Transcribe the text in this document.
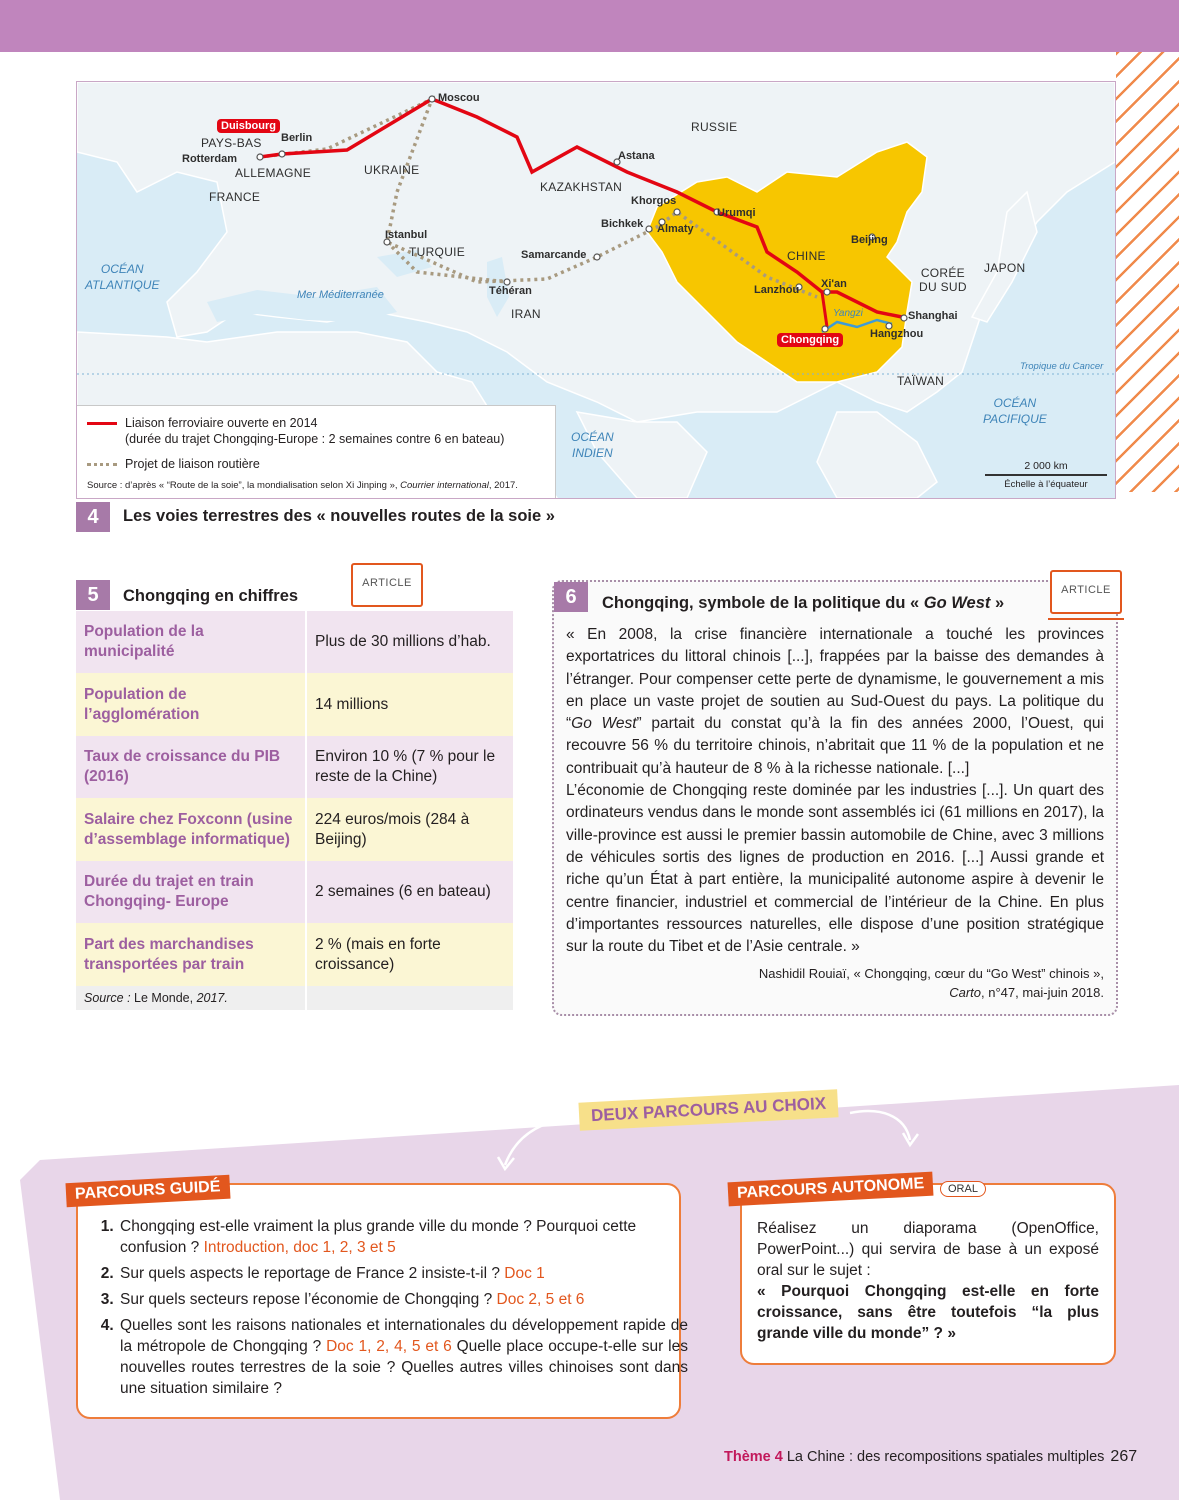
Moscou
RUSSIE
Duisbourg
PAYS-BAS Berlin
Rotterdam
ALLEMAGNE	UKRAINE
FRANCE
Astana
KAZAKHSTAN
Khorgos
Bichkek Almaty
Urumqi
Beijing
CHINE
CORÉE
DU SUD
JAPON
Istanbul
TURQUIE	Samarcande
Téhéran
IRAN
Lanzhou Xi'an
Shanghai
Yangzi
Hangzhou
Chongqing
TAÏWAN
OCÉAN
ATLANTIQUE
Mer Méditerranée
OCÉAN
INDIEN
OCÉAN
PACIFIQUE
Tropique du Cancer
Liaison ferroviaire ouverte en 2014
(durée du trajet Chongqing-Europe : 2 semaines contre 6 en bateau)
Projet de liaison routière
Source : d’après « “Route de la soie”, la mondialisation selon Xi Jinping », Courrier international, 2017.
2 000 km
Échelle à l’équateur
4	Les voies terrestres des « nouvelles routes de la soie »
5	Chongqing en chiffres
ARTICLE
Population de la municipalité	Plus de 30 millions d’hab.
Population de l’agglomération	14 millions
Taux de croissance du PIB (2016)	Environ 10 % (7 % pour le reste de la Chine)
Salaire chez Foxconn (usine d’assemblage informatique)	224 euros/mois (284 à Beijing)
Durée du trajet en train Chongqing- Europe	2 semaines (6 en bateau)
Part des marchandises transportées par train	2 % (mais en forte croissance)
Source : Le Monde, 2017.	
6	Chongqing, symbole de la politique du « Go West »
ARTICLE
« En 2008, la crise financière internationale a touché les provinces exportatrices du littoral chinois [...], frappées par la baisse des demandes à l’étranger. Pour compenser cette perte de dynamisme, le gouvernement a mis en place un vaste projet de soutien au Sud-Ouest du pays. La politique du “Go West” partait du constat qu’à la fin des années 2000, l’Ouest, qui recouvre 56 % du territoire chinois, n’abritait que 11 % de la population et ne contribuait qu’à hauteur de 8 % à la richesse nationale. [...]
L’économie de Chongqing reste dominée par les industries [...]. Un quart des ordinateurs vendus dans le monde sont assemblés ici (61 millions en 2017), la ville-province est aussi le premier bassin automobile de Chine, avec 3 millions de véhicules sortis des lignes de production en 2016. [...] Aussi grande et riche qu’un État à part entière, la municipalité autonome aspire à devenir le centre financier, industriel et commercial de l’intérieur de la Chine. En plus d’importantes ressources naturelles, elle dispose d’une position stratégique sur la route du Tibet et de l’Asie centrale. »
Nashidil Rouiaï, « Chongqing, cœur du “Go West” chinois »,
Carto, n°47, mai-juin 2018.
DEUX PARCOURS AU CHOIX
PARCOURS GUIDÉ
1. Chongqing est-elle vraiment la plus grande ville du monde ? Pourquoi cette confusion ? Introduction, doc 1, 2, 3 et 5
2. Sur quels aspects le reportage de France 2 insiste-t-il ? Doc 1
3. Sur quels secteurs repose l’économie de Chongqing ? Doc 2, 5 et 6
4. Quelles sont les raisons nationales et internationales du développement rapide de la métropole de Chongqing ? Doc 1, 2, 4, 5 et 6 Quelle place occupe-t-elle sur les nouvelles routes terrestres de la soie ? Quelles autres villes chinoises sont dans une situation similaire ?
PARCOURS AUTONOME	ORAL
Réalisez un diaporama (OpenOffice, PowerPoint...) qui servira de base à un exposé oral sur le sujet :
« Pourquoi Chongqing est-elle en forte croissance, sans être toutefois “la plus grande ville du monde” ? »
Thème 4 La Chine : des recompositions spatiales multiples 267
